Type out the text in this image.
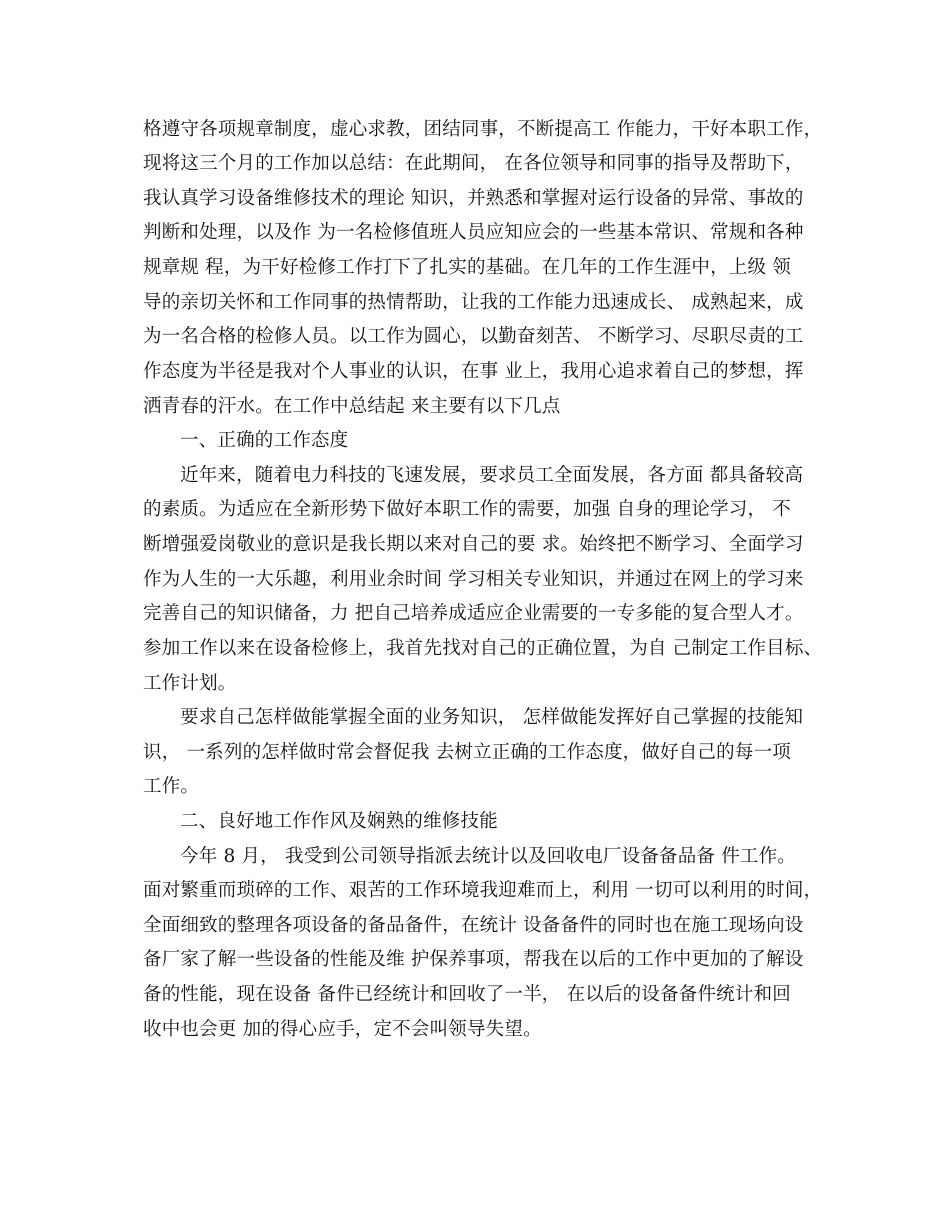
格遵守各项规章制度，虚心求教，团结同事，不断提高工 作能力，干好本职工作，
现将这三个月的工作加以总结：在此期间， 在各位领导和同事的指导及帮助下，
我认真学习设备维修技术的理论 知识，并熟悉和掌握对运行设备的异常、事故的
判断和处理，以及作 为一名检修值班人员应知应会的一些基本常识、常规和各种
规章规 程，为干好检修工作打下了扎实的基础。在几年的工作生涯中，上级 领
导的亲切关怀和工作同事的热情帮助，让我的工作能力迅速成长、 成熟起来，成
为一名合格的检修人员。以工作为圆心，以勤奋刻苦、 不断学习、尽职尽责的工
作态度为半径是我对个人事业的认识，在事 业上，我用心追求着自己的梦想，挥
洒青春的汗水。在工作中总结起 来主要有以下几点
一、正确的工作态度
近年来，随着电力科技的飞速发展，要求员工全面发展，各方面 都具备较高
的素质。为适应在全新形势下做好本职工作的需要，加强 自身的理论学习， 不
断增强爱岗敬业的意识是我长期以来对自己的要 求。始终把不断学习、全面学习
作为人生的一大乐趣，利用业余时间 学习相关专业知识，并通过在网上的学习来
完善自己的知识储备，力 把自己培养成适应企业需要的一专多能的复合型人才。
参加工作以来在设备检修上，我首先找对自己的正确位置，为自 己制定工作目标、
工作计划。
要求自己怎样做能掌握全面的业务知识， 怎样做能发挥好自己掌握的技能知
识， 一系列的怎样做时常会督促我 去树立正确的工作态度，做好自己的每一项
工作。
二、良好地工作作风及娴熟的维修技能
今年 8 月， 我受到公司领导指派去统计以及回收电厂设备备品备 件工作。
面对繁重而琐碎的工作、艰苦的工作环境我迎难而上，利用 一切可以利用的时间，
全面细致的整理各项设备的备品备件，在统计 设备备件的同时也在施工现场向设
备厂家了解一些设备的性能及维 护保养事项，帮我在以后的工作中更加的了解设
备的性能，现在设备 备件已经统计和回收了一半， 在以后的设备备件统计和回
收中也会更 加的得心应手，定不会叫领导失望。
